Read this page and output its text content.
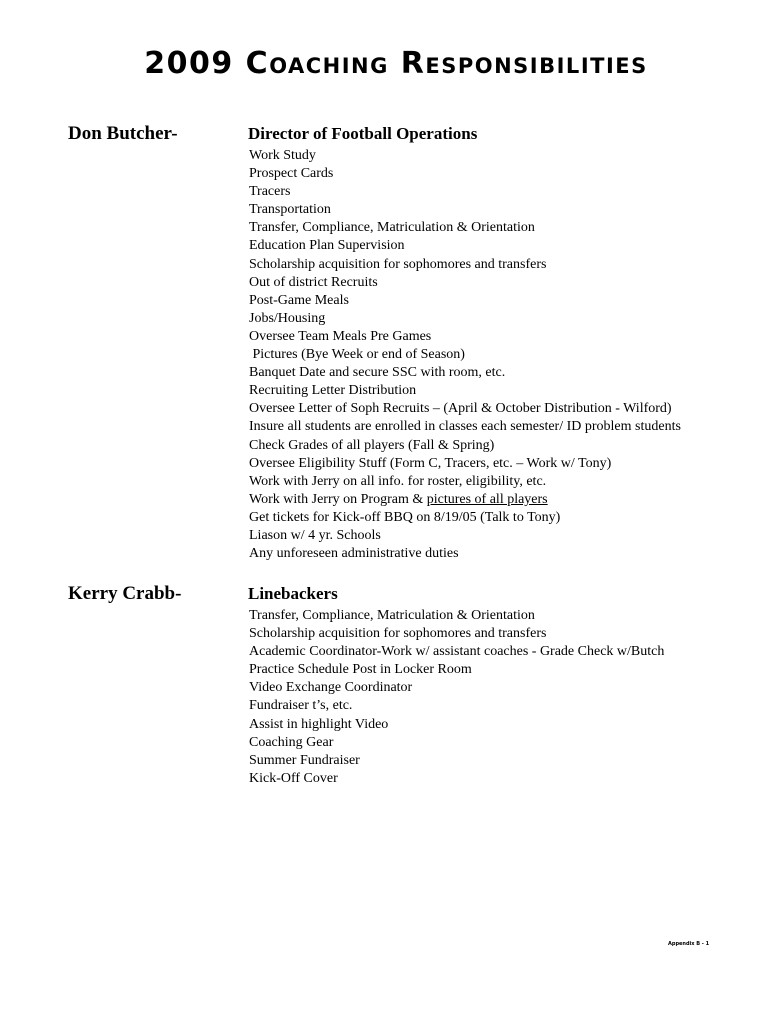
2009 Coaching Responsibilities
Don Butcher-	Director of Football Operations
Work Study
Prospect Cards
Tracers
Transportation
Transfer, Compliance, Matriculation & Orientation
Education Plan Supervision
Scholarship acquisition for sophomores and transfers
Out of district Recruits
Post-Game Meals
Jobs/Housing
Oversee Team Meals Pre Games
Pictures (Bye Week or end of Season)
Banquet Date and secure SSC with room, etc.
Recruiting Letter Distribution
Oversee Letter of Soph Recruits – (April & October Distribution - Wilford)
Insure all students are enrolled in classes each semester/ ID problem students
Check Grades of all players (Fall & Spring)
Oversee Eligibility Stuff (Form C, Tracers, etc. – Work w/ Tony)
Work with Jerry on all info. for roster, eligibility, etc.
Work with Jerry on Program & pictures of all players
Get tickets for Kick-off BBQ on 8/19/05 (Talk to Tony)
Liason w/ 4 yr. Schools
Any unforeseen administrative duties
Kerry Crabb-	Linebackers
Transfer, Compliance, Matriculation & Orientation
Scholarship acquisition for sophomores and transfers
Academic Coordinator-Work w/ assistant coaches - Grade Check w/Butch
Practice Schedule Post in Locker Room
Video Exchange Coordinator
Fundraiser t’s, etc.
Assist in highlight Video
Coaching Gear
Summer Fundraiser
Kick-Off Cover
Appendix B - 1
